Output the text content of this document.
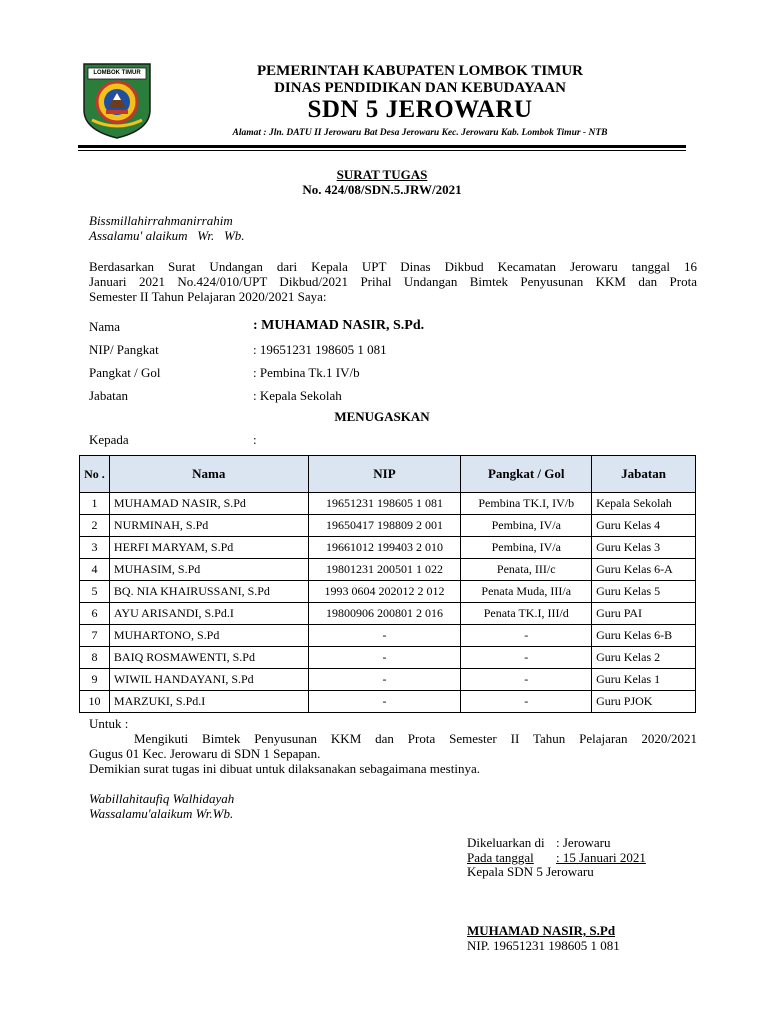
LOMBOK TIMUR	PEMERINTAH KABUPATEN LOMBOK TIMUR
DINAS PENDIDIKAN DAN KEBUDAYAAN
SDN 5 JEROWARU
Alamat : Jln. DATU II Jerowaru Bat Desa Jerowaru Kec. Jerowaru Kab. Lombok Timur - NTB
SURAT TUGAS
No. 424/08/SDN.5.JRW/2021
Bissmillahirrahmanirrahim
Assalamu' alaikum   Wr.   Wb.
Berdasarkan Surat Undangan dari Kepala UPT Dinas Dikbud Kecamatan Jerowaru tanggal 16
Januari 2021 No.424/010/UPT Dikbud/2021 Prihal Undangan Bimtek Penyusunan KKM dan Prota
Semester II Tahun Pelajaran 2020/2021 Saya:
Nama	: MUHAMAD NASIR, S.Pd.
NIP/ Pangkat	: 19651231 198605 1 081
Pangkat / Gol	: Pembina Tk.1 IV/b
Jabatan	: Kepala Sekolah
MENUGASKAN
Kepada	:
No .	Nama	NIP	Pangkat / Gol	Jabatan
1	MUHAMAD NASIR, S.Pd	19651231 198605 1 081	Pembina TK.I, IV/b	Kepala Sekolah
2	NURMINAH, S.Pd	19650417 198809 2 001	Pembina, IV/a	Guru Kelas 4
3	HERFI MARYAM, S.Pd	19661012 199403 2 010	Pembina, IV/a	Guru Kelas 3
4	MUHASIM, S.Pd	19801231 200501 1 022	Penata, III/c	Guru Kelas 6-A
5	BQ. NIA KHAIRUSSANI, S.Pd	1993 0604 202012 2 012	Penata Muda, III/a	Guru Kelas 5
6	AYU ARISANDI, S.Pd.I	19800906 200801 2 016	Penata TK.I, III/d	Guru PAI
7	MUHARTONO, S.Pd	-	-	Guru Kelas 6-B
8	BAIQ ROSMAWENTI, S.Pd	-	-	Guru Kelas 2
9	WIWIL HANDAYANI, S.Pd	-	-	Guru Kelas 1
10	MARZUKI, S.Pd.I	-	-	Guru PJOK
Untuk :
Mengikuti Bimtek Penyusunan KKM dan Prota Semester II Tahun Pelajaran 2020/2021
Gugus 01 Kec. Jerowaru di SDN 1 Sepapan.
Demikian surat tugas ini dibuat untuk dilaksanakan sebagaimana mestinya.
Wabillahitaufiq Walhidayah
Wassalamu'alaikum Wr.Wb.
Dikeluarkan di : Jerowaru
Pada tanggal	: 15 Januari 2021
Kepala SDN 5 Jerowaru
MUHAMAD NASIR, S.Pd
NIP. 19651231 198605 1 081
